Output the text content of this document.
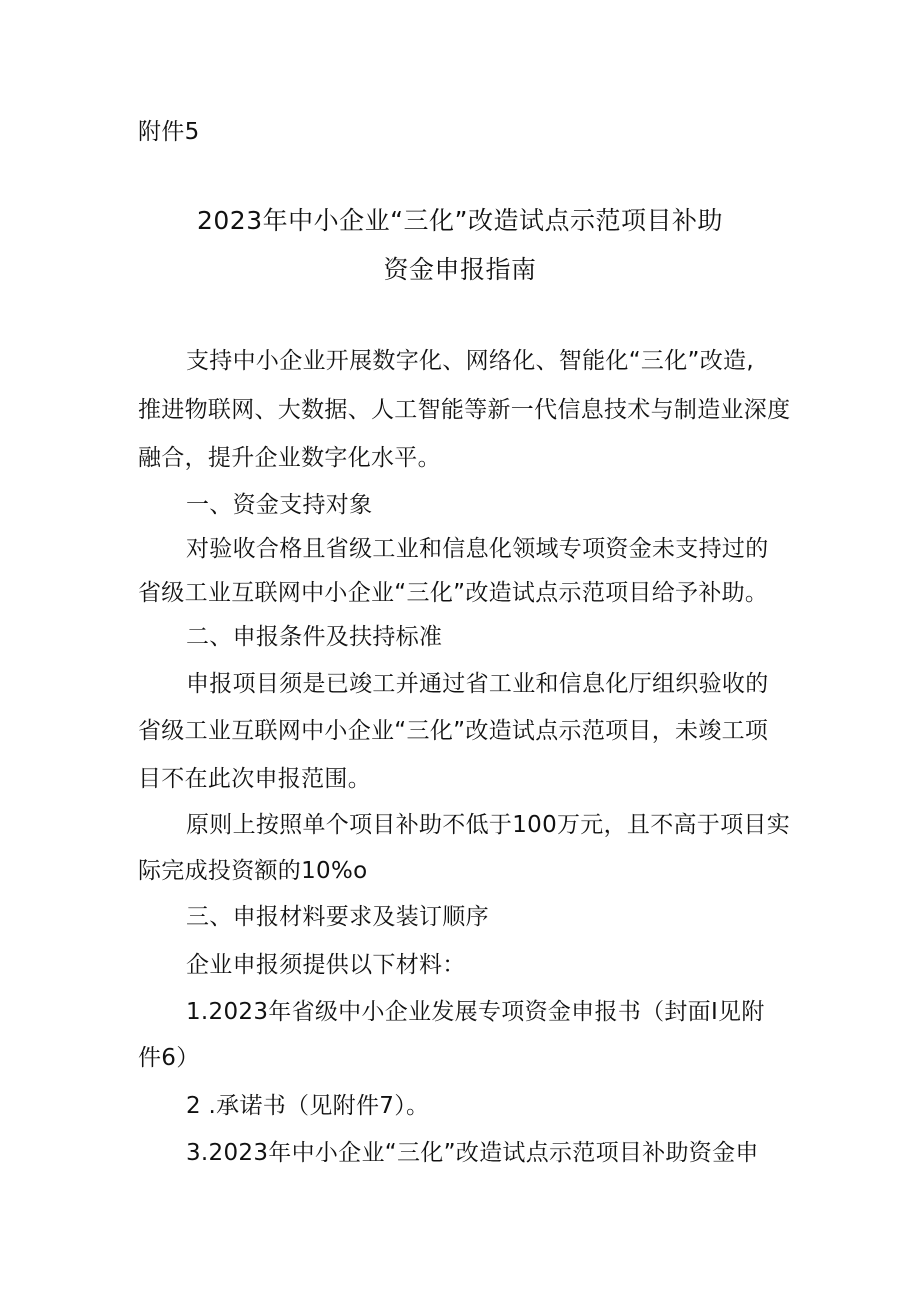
附件5
2023年中小企业“三化”改造试点示范项目补助
资金申报指南
支持中小企业开展数字化、网络化、智能化“三化”改造,
推进物联网、大数据、人工智能等新一代信息技术与制造业深度
融合，提升企业数字化水平。
一、资金支持对象
对验收合格且省级工业和信息化领域专项资金未支持过的
省级工业互联网中小企业“三化”改造试点示范项目给予补助。
二、申报条件及扶持标准
申报项目须是已竣工并通过省工业和信息化厅组织验收的
省级工业互联网中小企业“三化”改造试点示范项目，未竣工项
目不在此次申报范围。
原则上按照单个项目补助不低于100万元，且不高于项目实
际完成投资额的10%o
三、申报材料要求及装订顺序
企业申报须提供以下材料：
1.2023年省级中小企业发展专项资金申报书（封面I见附
件6）
2 .承诺书（见附件7）。
3.2023年中小企业“三化”改造试点示范项目补助资金申
